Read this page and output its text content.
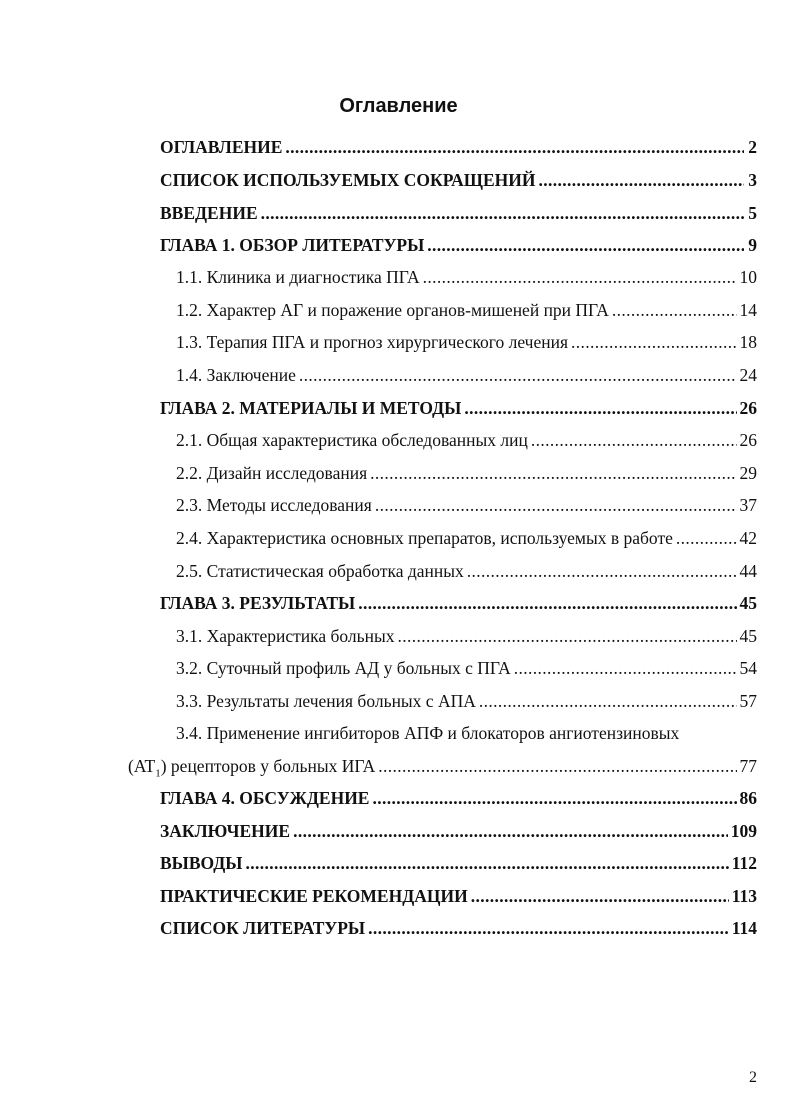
Оглавление
ОГЛАВЛЕНИЕ . . .	2
СПИСОК ИСПОЛЬЗУЕМЫХ СОКРАЩЕНИЙ . . .	3
ВВЕДЕНИЕ . . .	5
ГЛАВА 1. ОБЗОР ЛИТЕРАТУРЫ . . .	9
1.1. Клиника и диагностика ПГА . . .	10
1.2. Характер АГ и поражение органов-мишеней при ПГА . . .	14
1.3. Терапия ПГА и прогноз хирургического лечения . . .	18
1.4. Заключение . . .	24
ГЛАВА 2. МАТЕРИАЛЫ И МЕТОДЫ . . .	26
2.1. Общая характеристика обследованных лиц . . .	26
2.2. Дизайн исследования . . .	29
2.3. Методы исследования . . .	37
2.4. Характеристика основных препаратов, используемых в работе . . .	42
2.5. Статистическая обработка данных . . .	44
ГЛАВА 3. РЕЗУЛЬТАТЫ . . .	45
3.1. Характеристика больных . . .	45
3.2. Суточный профиль АД у больных с ПГА . . .	54
3.3. Результаты лечения больных с АПА . . .	57
3.4. Применение ингибиторов АПФ и блокаторов ангиотензиновых
$(AT_1)$ рецепторов у больных ИГА . . .	77
ГЛАВА 4. ОБСУЖДЕНИЕ . . .	86
ЗАКЛЮЧЕНИЕ . . .	109
ВЫВОДЫ . . .	112
ПРАКТИЧЕСКИЕ РЕКОМЕНДАЦИИ . . .	113
СПИСОК ЛИТЕРАТУРЫ . . .	114
2
